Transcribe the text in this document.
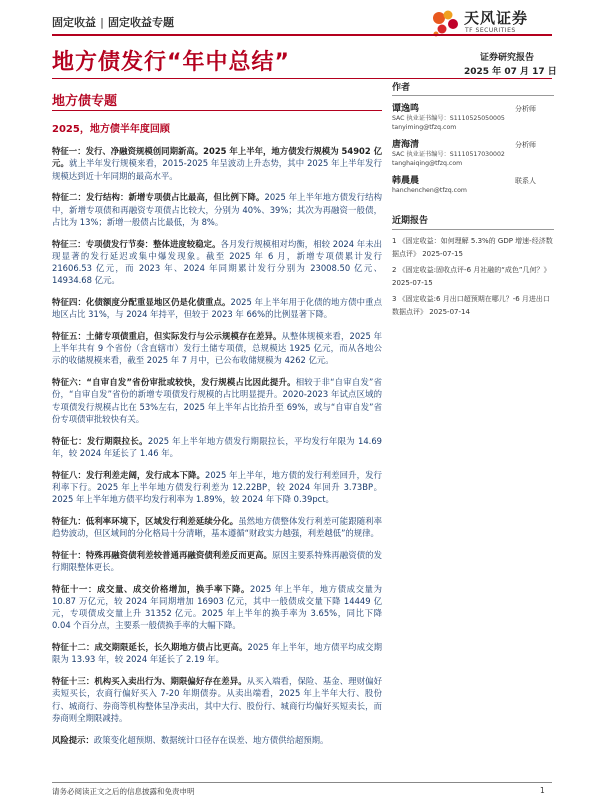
固定收益 | 固定收益专题	天风证券
TF SECURITIES
地方债发行“年中总结”	证券研究报告
2025 年 07 月 17 日
地方债专题
2025，地方债半年度回顾
特征一：发行、净融资规模创同期新高。2025 年上半年，地方债发行规模为 54902 亿元。就上半年发行规模来看，2015-2025 年呈波动上升态势，其中 2025 年上半年发行规模达到近十年同期的最高水平。
特征二：发行结构：新增专项债占比最高，但比例下降。2025 年上半年地方债发行结构中，新增专项债和再融资专项债占比较大，分别为 40%、39%；其次为再融资一般债，占比为 13%；新增一般债占比最低，为 8%。
特征三：专项债发行节奏：整体进度较稳定。各月发行规模相对均衡，相较 2024 年未出现显著的发行延迟或集中爆发现象。截至 2025 年 6 月，新增专项债累计发行 21606.53 亿元，而 2023 年、2024 年同期累计发行分别为 23008.50 亿元、14934.68 亿元。
特征四：化债额度分配重显地区仍是化债重点。2025 年上半年用于化债的地方债中重点地区占比 31%，与 2024 年持平，但较于 2023 年 66%的比例显著下降。
特征五：土储专项债重启，但实际发行与公示规模存在差异。从整体规模来看，2025 年上半年共有 9 个省份（含直辖市）发行土储专项债，总规模达 1925 亿元，而从各地公示的收储规模来看，截至 2025 年 7 月中，已公布收储规模为 4262 亿元。
特征六：“自审自发”省份审批或较快，发行规模占比因此提升。相较于非“自审自发”省份，“自审自发”省份的新增专项债发行规模的占比明显提升。2020-2023 年试点区域的专项债发行规模占比在 53%左右，2025 年上半年占比抬升至 69%，或与“自审自发”省份专项债审批较快有关。
特征七：发行期限拉长。2025 年上半年地方债发行期限拉长，平均发行年限为 14.69 年，较 2024 年延长了 1.46 年。
特征八：发行利差走阔，发行成本下降。2025 年上半年，地方债的发行利差回升，发行利率下行。2025 年上半年地方债发行利差为 12.22BP，较 2024 年回升 3.73BP。2025 年上半年地方债平均发行利率为 1.89%，较 2024 年下降 0.39pct。
特征九：低利率环境下，区域发行利差延续分化。虽然地方债整体发行利差可能跟随利率趋势波动，但区域间的分化格局十分清晰，基本遵循“财政实力越强，利差越低”的规律。
特征十：特殊再融资债利差较普通再融资债利差反而更高。原因主要系特殊再融资债的发行期限整体更长。
特征十一：成交量、成交价格增加，换手率下降。2025 年上半年，地方债成交量为 10.87 万亿元，较 2024 年同期增加 16903 亿元，其中一般债成交量下降 14449 亿元，专项债成交量上升 31352 亿元。2025 年上半年的换手率为 3.65%，同比下降 0.04 个百分点，主要系一般债换手率的大幅下降。
特征十二：成交期限延长，长久期地方债占比更高。2025 年上半年，地方债平均成交期限为 13.93 年，较 2024 年延长了 2.19 年。
特征十三：机构买入卖出行为、期限偏好存在差异。从买入端看，保险、基金、理财偏好卖短买长，农商行偏好买入 7-20 年期债券。从卖出端看，2025 年上半年大行、股份行、城商行、券商等机构整体呈净卖出，其中大行、股份行、城商行均偏好买短卖长，而券商则全期限减持。
风险提示：政策变化超预期、数据统计口径存在误差、地方债供给超预期。
作者
谭逸鸣	分析师
SAC 执业证书编号：S1110525050005
tanyiming@tfzq.com
唐海清	分析师
SAC 执业证书编号：S1110517030002
tanghaiqing@tfzq.com
韩晨晨	联系人
hanchenchen@tfzq.com
近期报告
1 《固定收益：如何理解 5.3%的 GDP 增速-经济数据点评》 2025-07-15
2 《固定收益:固收点评-6 月社融的“成色”几何？》 2025-07-15
3 《固定收益:6 月出口超预期在哪儿？-6 月进出口数据点评》 2025-07-14
请务必阅读正文之后的信息披露和免责申明	1
